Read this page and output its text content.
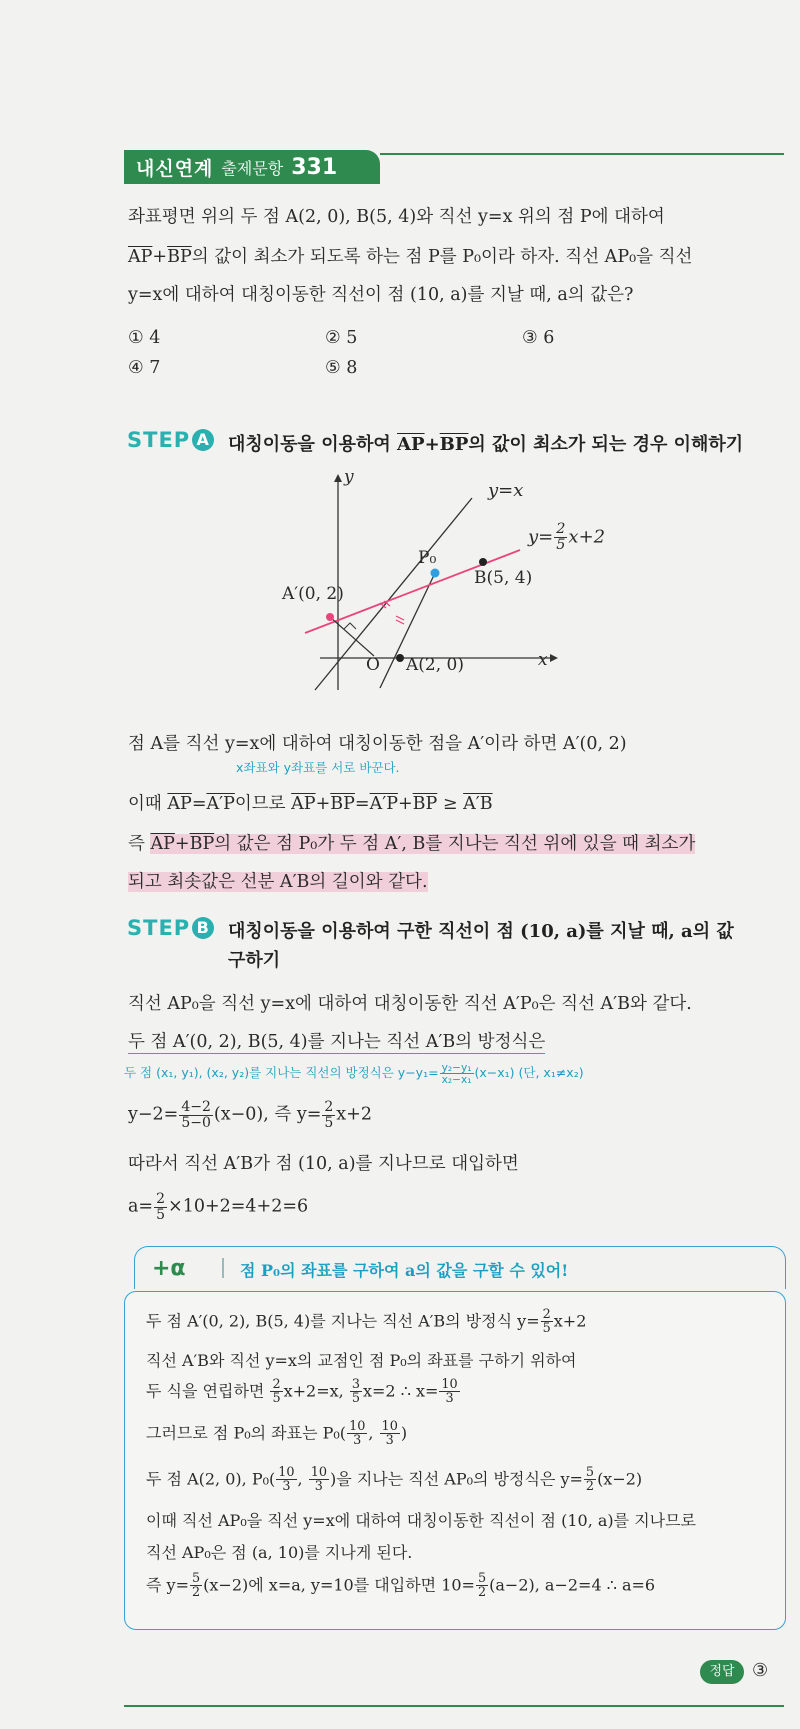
내신연계 출제문항 331
좌표평면 위의 두 점 A(2, 0), B(5, 4)와 직선 y=x 위의 점 P에 대하여
$\overline{AP}+\overline{BP}$의 값이 최소가 되도록 하는 점 P를 P₀이라 하자. 직선 AP₀을 직선
y=x에 대하여 대칭이동한 직선이 점 (10, a)를 지날 때, a의 값은?
① 4	② 5	③ 6
④ 7	⑤ 8
STEP A 대칭이동을 이용하여 $\overline{AP}+\overline{BP}$의 값이 최소가 되는 경우 이해하기
y
x
O
y=x
$y= \frac{2}{5} x+2$
P₀
B(5, 4)
A′(0, 2)
A(2, 0)
점 A를 직선 y=x에 대하여 대칭이동한 점을 A′이라 하면 A′(0, 2)
x좌표와 y좌표를 서로 바꾼다.
이때 $\overline{AP}=A'P$이므로 $\overline{AP}+\overline{BP}=A'P+\overline{BP} \ge A'B$
즉 $\overline{AP}+\overline{BP}$의 값은 점 P₀가 두 점 A′, B를 지나는 직선 위에 있을 때 최소가
되고 최솟값은 선분 A′B의 길이와 같다.
STEP B 대칭이동을 이용하여 구한 직선이 점 (10, a)를 지날 때, a의 값
구하기
직선 AP₀을 직선 y=x에 대하여 대칭이동한 직선 A′P₀은 직선 A′B와 같다.
두 점 A′(0, 2), B(5, 4)를 지나는 직선 A′B의 방정식은
두 점 (x₁, y₁), (x₂, y₂)를 지나는 직선의 방정식은 $y-y_1= \frac{\text{y₂−y₁}}{\text{x₂−x₁}} (x-x_1)$ (단, x₁≠x₂)
$y-2= \frac{4-2}{5-0} (x-0)$, 즉 $y= \frac{2}{5} x+2$
따라서 직선 A′B가 점 (10, a)를 지나므로 대입하면
$a= \frac{2}{5} \times 10+2=4+2=6$
+α	점 P₀의 좌표를 구하여 a의 값을 구할 수 있어!
두 점 A′(0, 2), B(5, 4)를 지나는 직선 A′B의 방정식 $y= \frac{2}{5} x+2$
직선 A′B와 직선 y=x의 교점인 점 P₀의 좌표를 구하기 위하여
두 식을 연립하면 $\frac{2}{5} x+2=x$, $\frac{3}{5} x=2$ ∴ $x= \frac{10}{3}$
그러므로 점 P₀의 좌표는 $P_0( \frac{10}{3}$ , $\frac{10}{3}$ )
두 점 A(2, 0), $P_0( \frac{10}{3}$ , $\frac{10}{3}$ )을 지나는 직선 AP₀의 방정식은 $y= \frac{5}{2} (x-2)$
이때 직선 AP₀을 직선 y=x에 대하여 대칭이동한 직선이 점 (10, a)를 지나므로
직선 AP₀은 점 (a, 10)를 지나게 된다.
즉 $y= \frac{5}{2} (x-2)$에 x=a, y=10를 대입하면 $10= \frac{5}{2} (a-2)$, a−2=4 ∴ a=6
정답 ③
